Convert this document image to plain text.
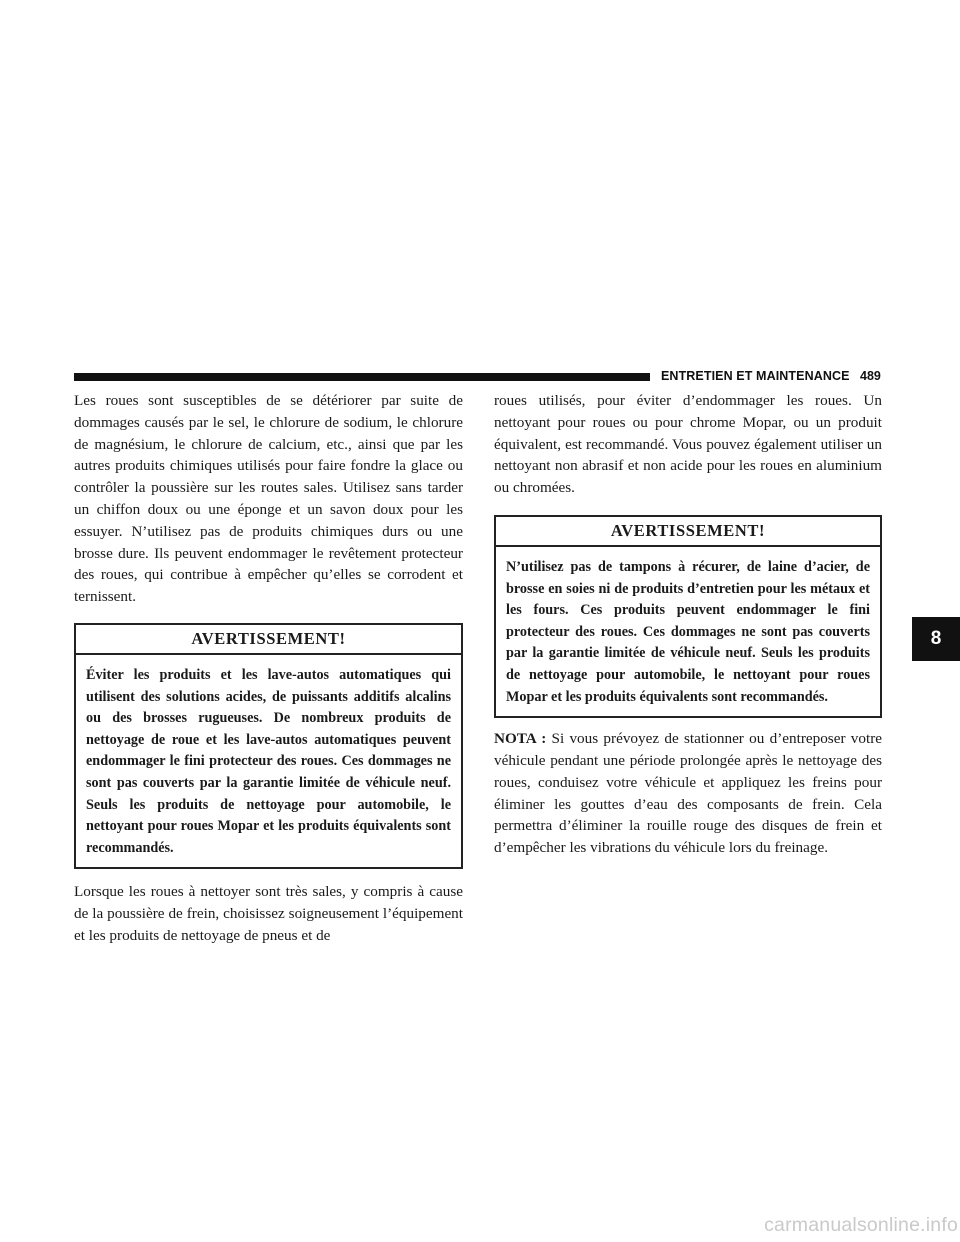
ENTRETIEN ET MAINTENANCE 489

Les roues sont susceptibles de se détériorer par suite de dommages causés par le sel, le chlorure de sodium, le chlorure de magnésium, le chlorure de calcium, etc., ainsi que par les autres produits chimiques utilisés pour faire fondre la glace ou contrôler la poussière sur les routes sales. Utilisez sans tarder un chiffon doux ou une éponge et un savon doux pour les essuyer. N’utilisez pas de produits chimiques durs ou une brosse dure. Ils peuvent endommager le revêtement protecteur des roues, qui contribue à empêcher qu’elles se corrodent et ternissent.

AVERTISSEMENT!
Éviter les produits et les lave-autos automatiques qui utilisent des solutions acides, de puissants additifs alcalins ou des brosses rugueuses. De nombreux produits de nettoyage de roue et les lave-autos automatiques peuvent endommager le fini protecteur des roues. Ces dommages ne sont pas couverts par la garantie limitée de véhicule neuf. Seuls les produits de nettoyage pour automobile, le nettoyant pour roues Mopar et les produits équivalents sont recommandés.

Lorsque les roues à nettoyer sont très sales, y compris à cause de la poussière de frein, choisissez soigneusement l’équipement et les produits de nettoyage de pneus et de

roues utilisés, pour éviter d’endommager les roues. Un nettoyant pour roues ou pour chrome Mopar, ou un produit équivalent, est recommandé. Vous pouvez également utiliser un nettoyant non abrasif et non acide pour les roues en aluminium ou chromées.

AVERTISSEMENT!
N’utilisez pas de tampons à récurer, de laine d’acier, de brosse en soies ni de produits d’entretien pour les métaux et les fours. Ces produits peuvent endommager le fini protecteur des roues. Ces dommages ne sont pas couverts par la garantie limitée de véhicule neuf. Seuls les produits de nettoyage pour automobile, le nettoyant pour roues Mopar et les produits équivalents sont recommandés.

NOTA : Si vous prévoyez de stationner ou d’entreposer votre véhicule pendant une période prolongée après le nettoyage des roues, conduisez votre véhicule et appliquez les freins pour éliminer les gouttes d’eau des composants de frein. Cela permettra d’éliminer la rouille rouge des disques de frein et d’empêcher les vibrations du véhicule lors du freinage.

8
carmanualsonline.info
